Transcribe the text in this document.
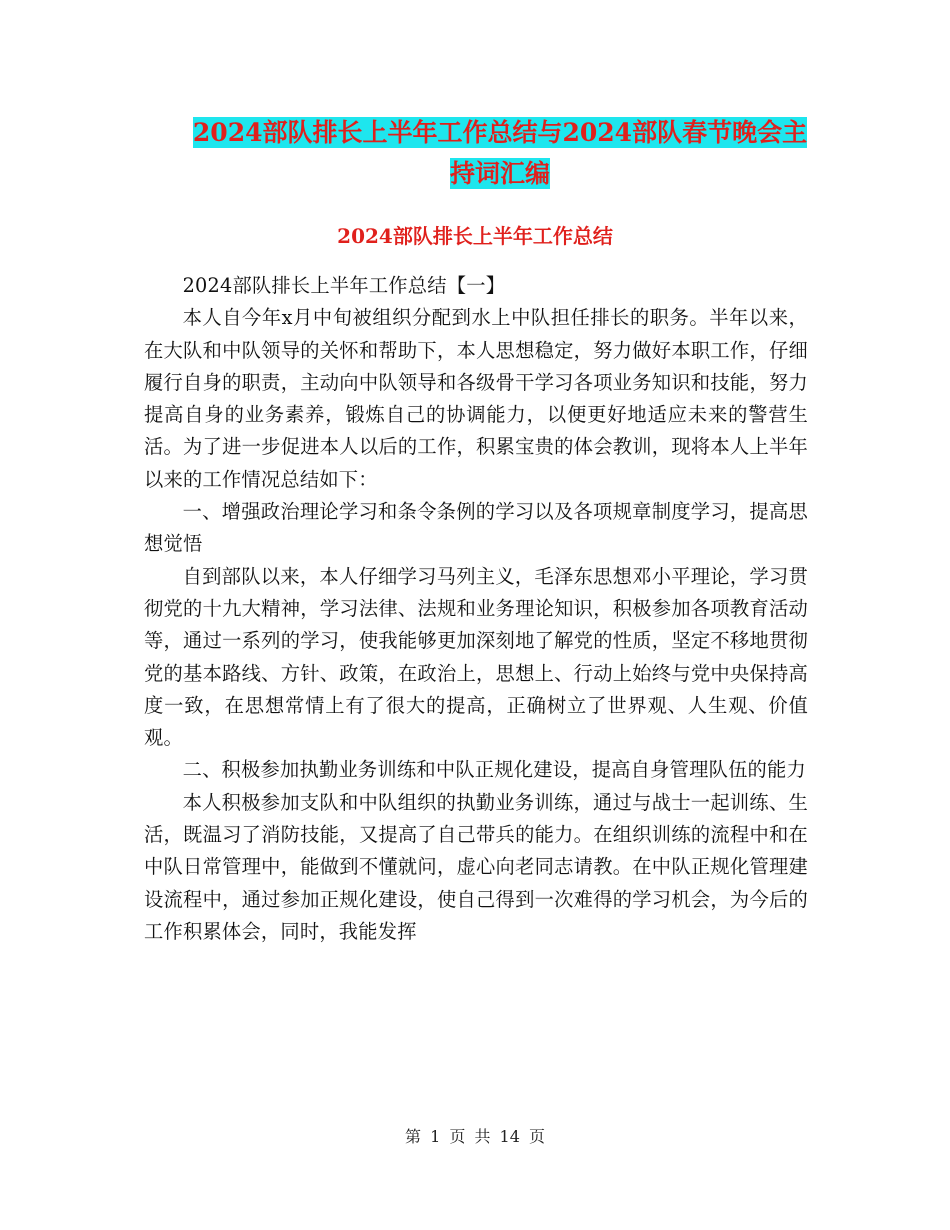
2024部队排长上半年工作总结与2024部队春节晚会主
持词汇编
2024部队排长上半年工作总结

2024部队排长上半年工作总结【一】

本人自今年x月中旬被组织分配到水上中队担任排长的职务。半年以来，在大队和中队领导的关怀和帮助下，本人思想稳定，努力做好本职工作，仔细履行自身的职责，主动向中队领导和各级骨干学习各项业务知识和技能，努力提高自身的业务素养，锻炼自己的协调能力，以便更好地适应未来的警营生活。为了进一步促进本人以后的工作，积累宝贵的体会教训，现将本人上半年以来的工作情况总结如下：

一、增强政治理论学习和条令条例的学习以及各项规章制度学习，提高思想觉悟

自到部队以来，本人仔细学习马列主义，毛泽东思想邓小平理论，学习贯彻党的十九大精神，学习法律、法规和业务理论知识，积极参加各项教育活动等，通过一系列的学习，使我能够更加深刻地了解党的性质，坚定不移地贯彻党的基本路线、方针、政策，在政治上，思想上、行动上始终与党中央保持高度一致，在思想常情上有了很大的提高，正确树立了世界观、人生观、价值观。

二、积极参加执勤业务训练和中队正规化建设，提高自身管理队伍的能力

本人积极参加支队和中队组织的执勤业务训练，通过与战士一起训练、生活，既温习了消防技能，又提高了自己带兵的能力。在组织训练的流程中和在中队日常管理中，能做到不懂就问，虚心向老同志请教。在中队正规化管理建设流程中，通过参加正规化建设，使自己得到一次难得的学习机会，为今后的工作积累体会，同时，我能发挥

第 1 页 共 14 页
